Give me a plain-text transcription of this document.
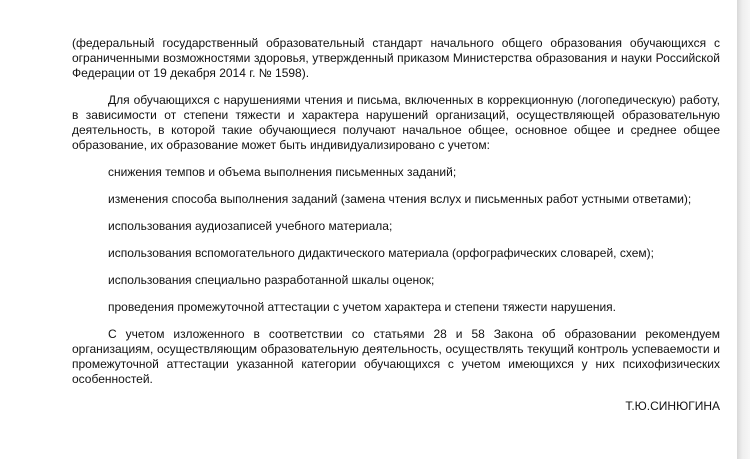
(федеральный государственный образовательный стандарт начального общего образования обучающихся с ограниченными возможностями здоровья, утвержденный приказом Министерства образования и науки Российской Федерации от 19 декабря 2014 г. № 1598).

Для обучающихся с нарушениями чтения и письма, включенных в коррекционную (логопедическую) работу, в зависимости от степени тяжести и характера нарушений организаций, осуществляющей образовательную деятельность, в которой такие обучающиеся получают начальное общее, основное общее и среднее общее образование, их образование может быть индивидуализировано с учетом:

снижения темпов и объема выполнения письменных заданий;

изменения способа выполнения заданий (замена чтения вслух и письменных работ устными ответами);

использования аудиозаписей учебного материала;

использования вспомогательного дидактического материала (орфографических словарей, схем);

использования специально разработанной шкалы оценок;

проведения промежуточной аттестации с учетом характера и степени тяжести нарушения.

С учетом изложенного в соответствии со статьями 28 и 58 Закона об образовании рекомендуем организациям, осуществляющим образовательную деятельность, осуществлять текущий контроль успеваемости и промежуточной аттестации указанной категории обучающихся с учетом имеющихся у них психофизических особенностей.

Т.Ю.СИНЮГИНА
